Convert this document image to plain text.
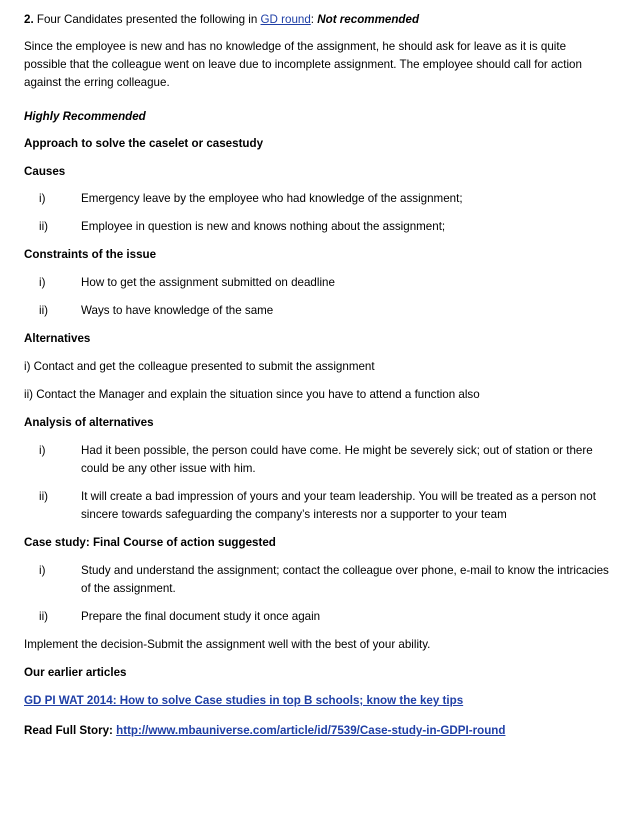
2. Four Candidates presented the following in GD round: Not recommended

Since the employee is new and has no knowledge of the assignment, he should ask for leave as it is quite possible that the colleague went on leave due to incomplete assignment. The employee should call for action against the erring colleague.

Highly Recommended

Approach to solve the caselet or casestudy

Causes

i)	Emergency leave by the employee who had knowledge of the assignment;
ii)	Employee in question is new and knows nothing about the assignment;

Constraints of the issue

i)	How to get the assignment submitted on deadline
ii)	Ways to have knowledge of the same

Alternatives

i) Contact and get the colleague presented to submit the assignment

ii) Contact the Manager and explain the situation since you have to attend a function also

Analysis of alternatives

i)	Had it been possible, the person could have come. He might be severely sick; out of station or there could be any other issue with him.
ii)	It will create a bad impression of yours and your team leadership. You will be treated as a person not sincere towards safeguarding the company’s interests nor a supporter to your team

Case study: Final Course of action suggested

i)	Study and understand the assignment; contact the colleague over phone, e-mail to know the intricacies of the assignment.
ii)	Prepare the final document study it once again

Implement the decision-Submit the assignment well with the best of your ability.

Our earlier articles

GD PI WAT 2014: How to solve Case studies in top B schools; know the key tips

Read Full Story: http://www.mbauniverse.com/article/id/7539/Case-study-in-GDPI-round
